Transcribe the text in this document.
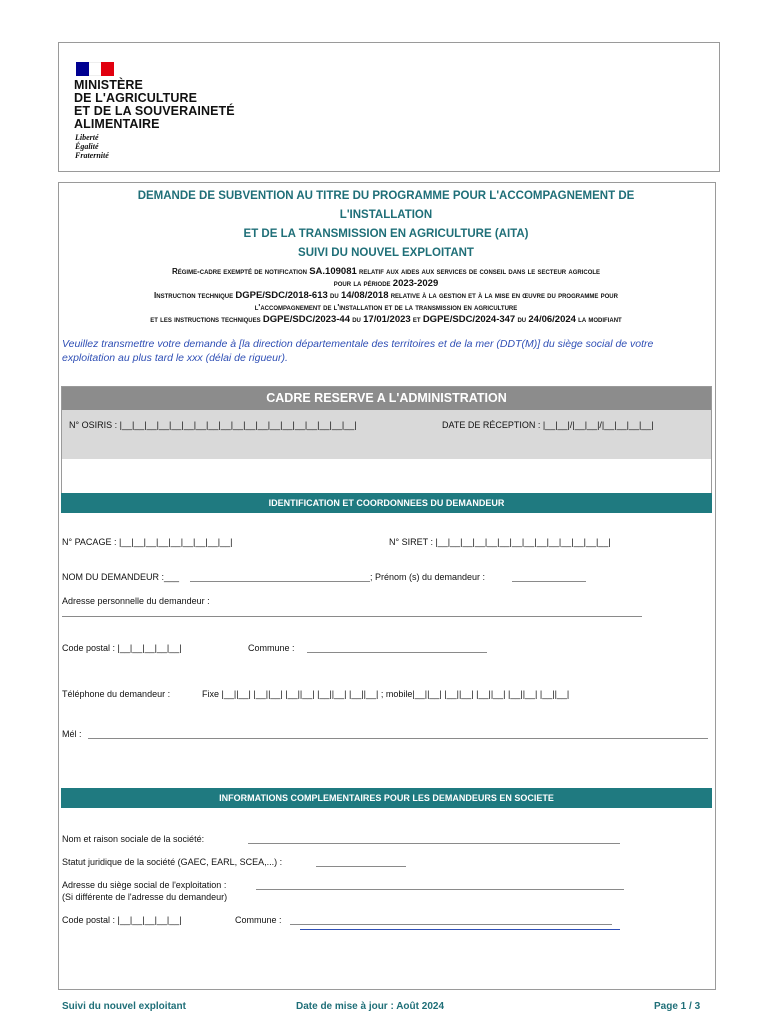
MINISTÈRE
DE L'AGRICULTURE
ET DE LA SOUVERAINETÉ
ALIMENTAIRE
Liberté
Égalité
Fraternité
DEMANDE DE SUBVENTION AU TITRE DU PROGRAMME POUR L'ACCOMPAGNEMENT DE
L'INSTALLATION
ET DE LA TRANSMISSION EN AGRICULTURE (AITA)
SUIVI DU NOUVEL EXPLOITANT
Régime-cadre exempté de notification SA.109081 relatif aux aides aux services de conseil dans le secteur agricole
pour la période 2023-2029
Instruction technique DGPE/SDC/2018-613 du 14/08/2018 relative à la gestion et à la mise en œuvre du programme pour
l'accompagnement de l'installation et de la transmission en agriculture
et les instructions techniques DGPE/SDC/2023-44 du 17/01/2023 et DGPE/SDC/2024-347 du 24/06/2024 la modifiant
Veuillez transmettre votre demande à [la direction départementale des territoires et de la mer (DDT(M)] du siège social de votre
exploitation au plus tard le xxx (délai de rigueur).
CADRE RESERVE A L'ADMINISTRATION
N° OSIRIS : |__|__|__|__|__|__|__|__|__|__|__|__|__|__|__|__|__|__|__|	DATE DE RÉCEPTION : |__|__|/|__|__|/|__|__|__|__|
IDENTIFICATION ET COORDONNEES DU DEMANDEUR
N° PACAGE : |__|__|__|__|__|__|__|__|__|	N° SIRET : |__|__|__|__|__|__|__|__|__|__|__|__|__|__|
NOM DU DEMANDEUR :___	; Prénom (s) du demandeur :
Adresse personnelle du demandeur :
Code postal : |__|__|__|__|__|	Commune :
Téléphone du demandeur :	Fixe |__||__| |__||__| |__||__| |__||__| |__||__| ; mobile|__||__| |__||__| |__||__| |__||__| |__||__|
Mél :
INFORMATIONS COMPLEMENTAIRES POUR LES DEMANDEURS EN SOCIETE
Nom et raison sociale de la société:
Statut juridique de la société (GAEC, EARL, SCEA,...) :
Adresse du siège social de l'exploitation :
(Si différente de l'adresse du demandeur)
Code postal : |__|__|__|__|__|	Commune :
Suivi du nouvel exploitant	Date de mise à jour : Août 2024	Page 1 / 3
